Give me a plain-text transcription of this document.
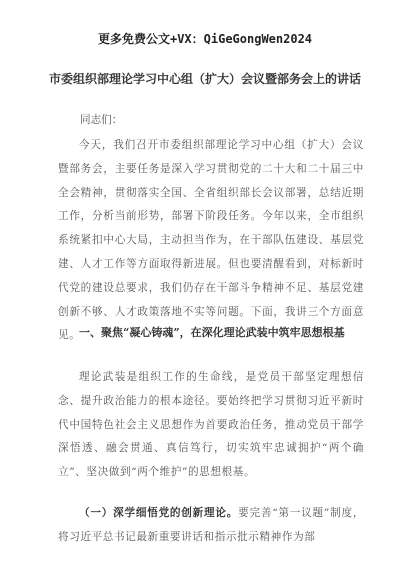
更多免费公文+VX：QiGeGongWen2024
市委组织部理论学习中心组（扩大）会议暨部务会上的讲话
同志们：
今天，我们召开市委组织部理论学习中心组（扩大）会议暨部务会，主要任务是深入学习贯彻党的二十大和二十届三中全会精神，贯彻落实全国、全省组织部长会议部署，总结近期工作，分析当前形势，部署下阶段任务。今年以来，全市组织系统紧扣中心大局，主动担当作为，在干部队伍建设、基层党建、人才工作等方面取得新进展。但也要清醒看到，对标新时代党的建设总要求，我们仍存在干部斗争精神不足、基层党建创新不够、人才政策落地不实等问题。下面，我讲三个方面意见。
一、聚焦“凝心铸魂”，在深化理论武装中筑牢思想根基
理论武装是组织工作的生命线，是党员干部坚定理想信念、提升政治能力的根本途径。要始终把学习贯彻习近平新时代中国特色社会主义思想作为首要政治任务，推动党员干部学深悟透、融会贯通、真信笃行，切实筑牢忠诚拥护“两个确立”、坚决做到“两个维护”的思想根基。
（一）深学细悟党的创新理论。要完善“第一议题”制度，将习近平总书记最新重要讲话和指示批示精神作为部
